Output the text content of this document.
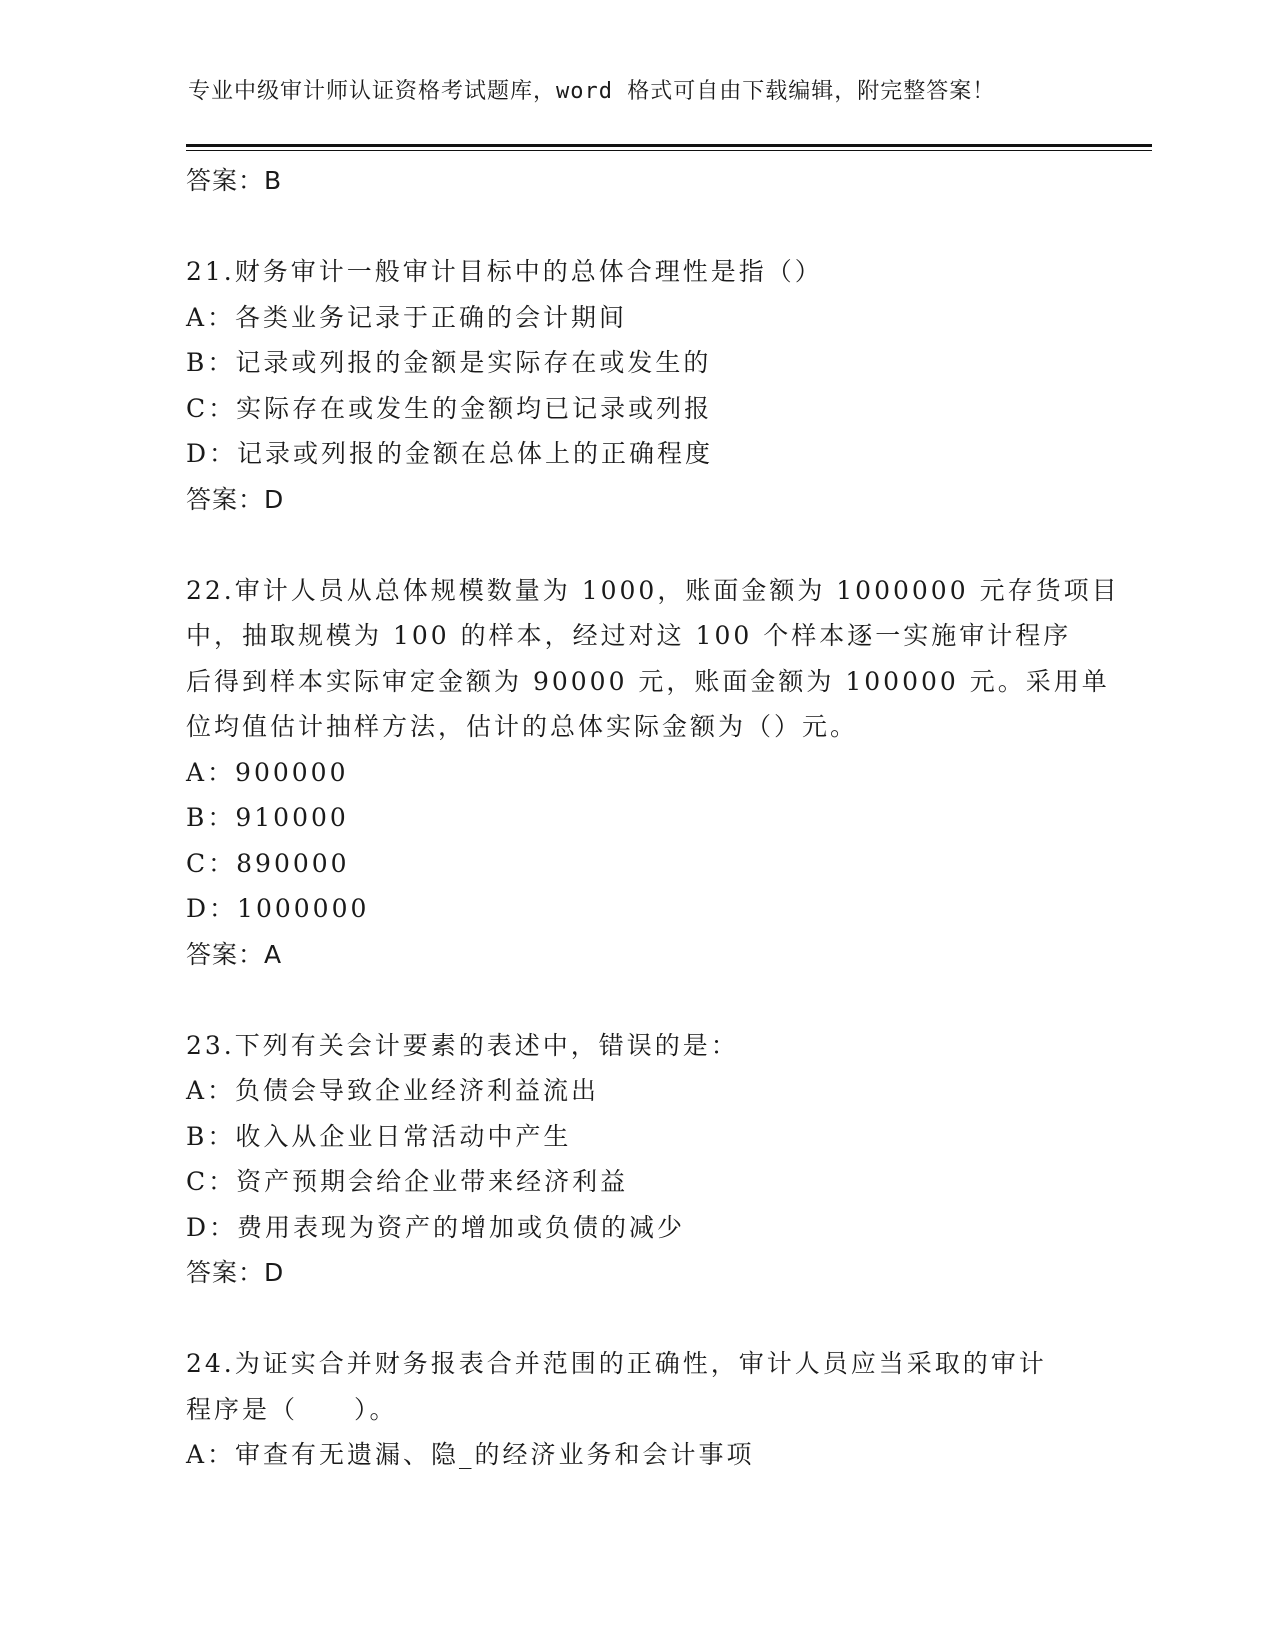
专业中级审计师认证资格考试题库，word 格式可自由下载编辑，附完整答案！
答案：B
21.财务审计一般审计目标中的总体合理性是指（）
A：各类业务记录于正确的会计期间
B：记录或列报的金额是实际存在或发生的
C：实际存在或发生的金额均已记录或列报
D：记录或列报的金额在总体上的正确程度
答案：D
22.审计人员从总体规模数量为 1000，账面金额为 1000000 元存货项目
中，抽取规模为 100 的样本，经过对这 100 个样本逐一实施审计程序
后得到样本实际审定金额为 90000 元，账面金额为 100000 元。采用单
位均值估计抽样方法，估计的总体实际金额为（）元。
A：900000
B：910000
C：890000
D：1000000
答案：A
23.下列有关会计要素的表述中，错误的是：
A：负债会导致企业经济利益流出
B：收入从企业日常活动中产生
C：资产预期会给企业带来经济利益
D：费用表现为资产的增加或负债的减少
答案：D
24.为证实合并财务报表合并范围的正确性，审计人员应当采取的审计
程序是（　　）。
A：审查有无遗漏、隐_的经济业务和会计事项
